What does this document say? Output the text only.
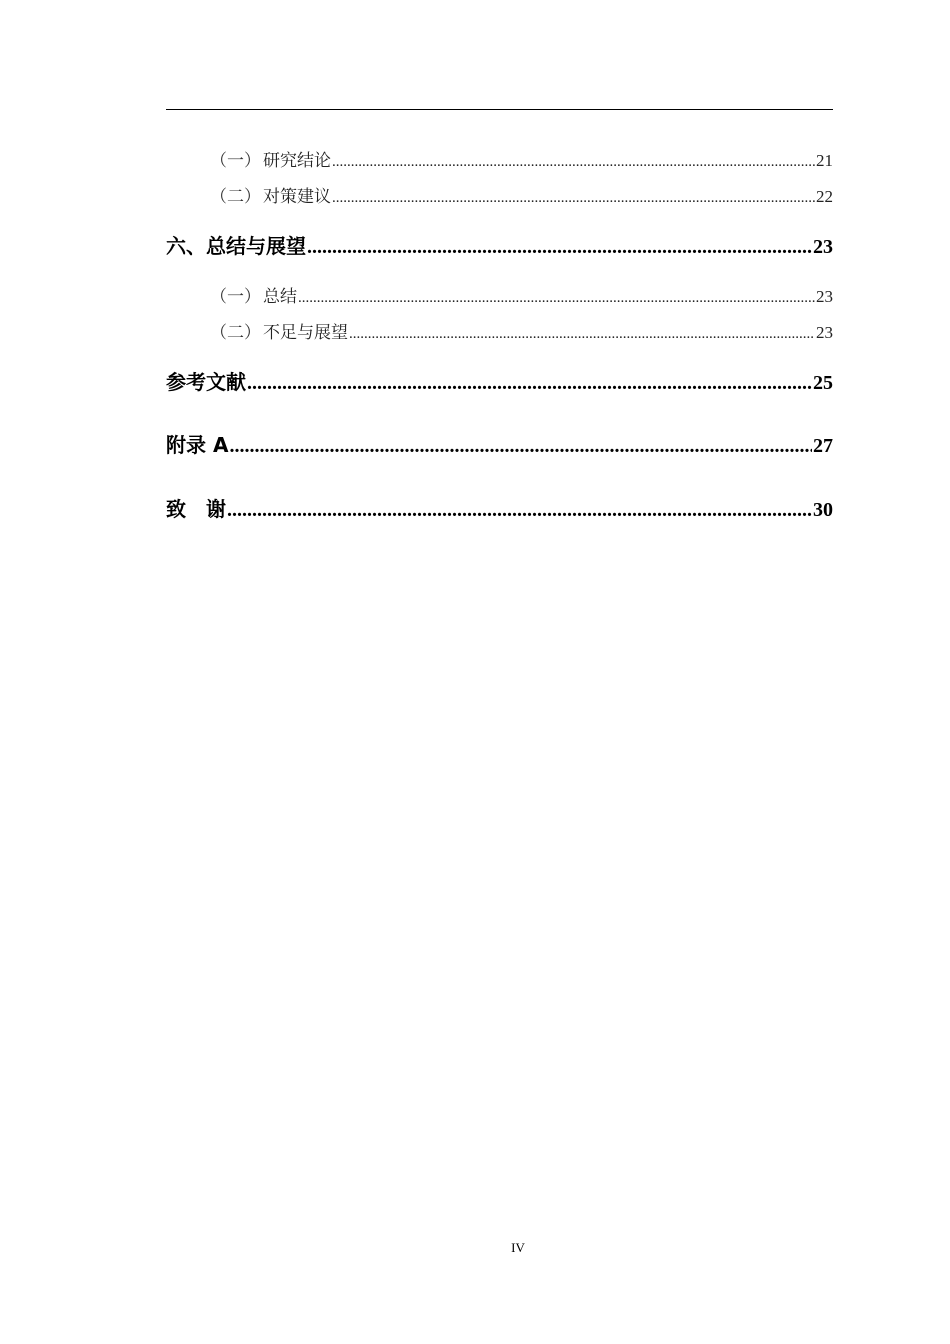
（一） 研究结论 .....	21
（二） 对策建议 .....	22
六、总结与展望 .....	23
（一） 总结 .....	23
（二） 不足与展望 .....	23
参考文献 .....	25
附录 A .....	27
致　谢 .....	30
IV
